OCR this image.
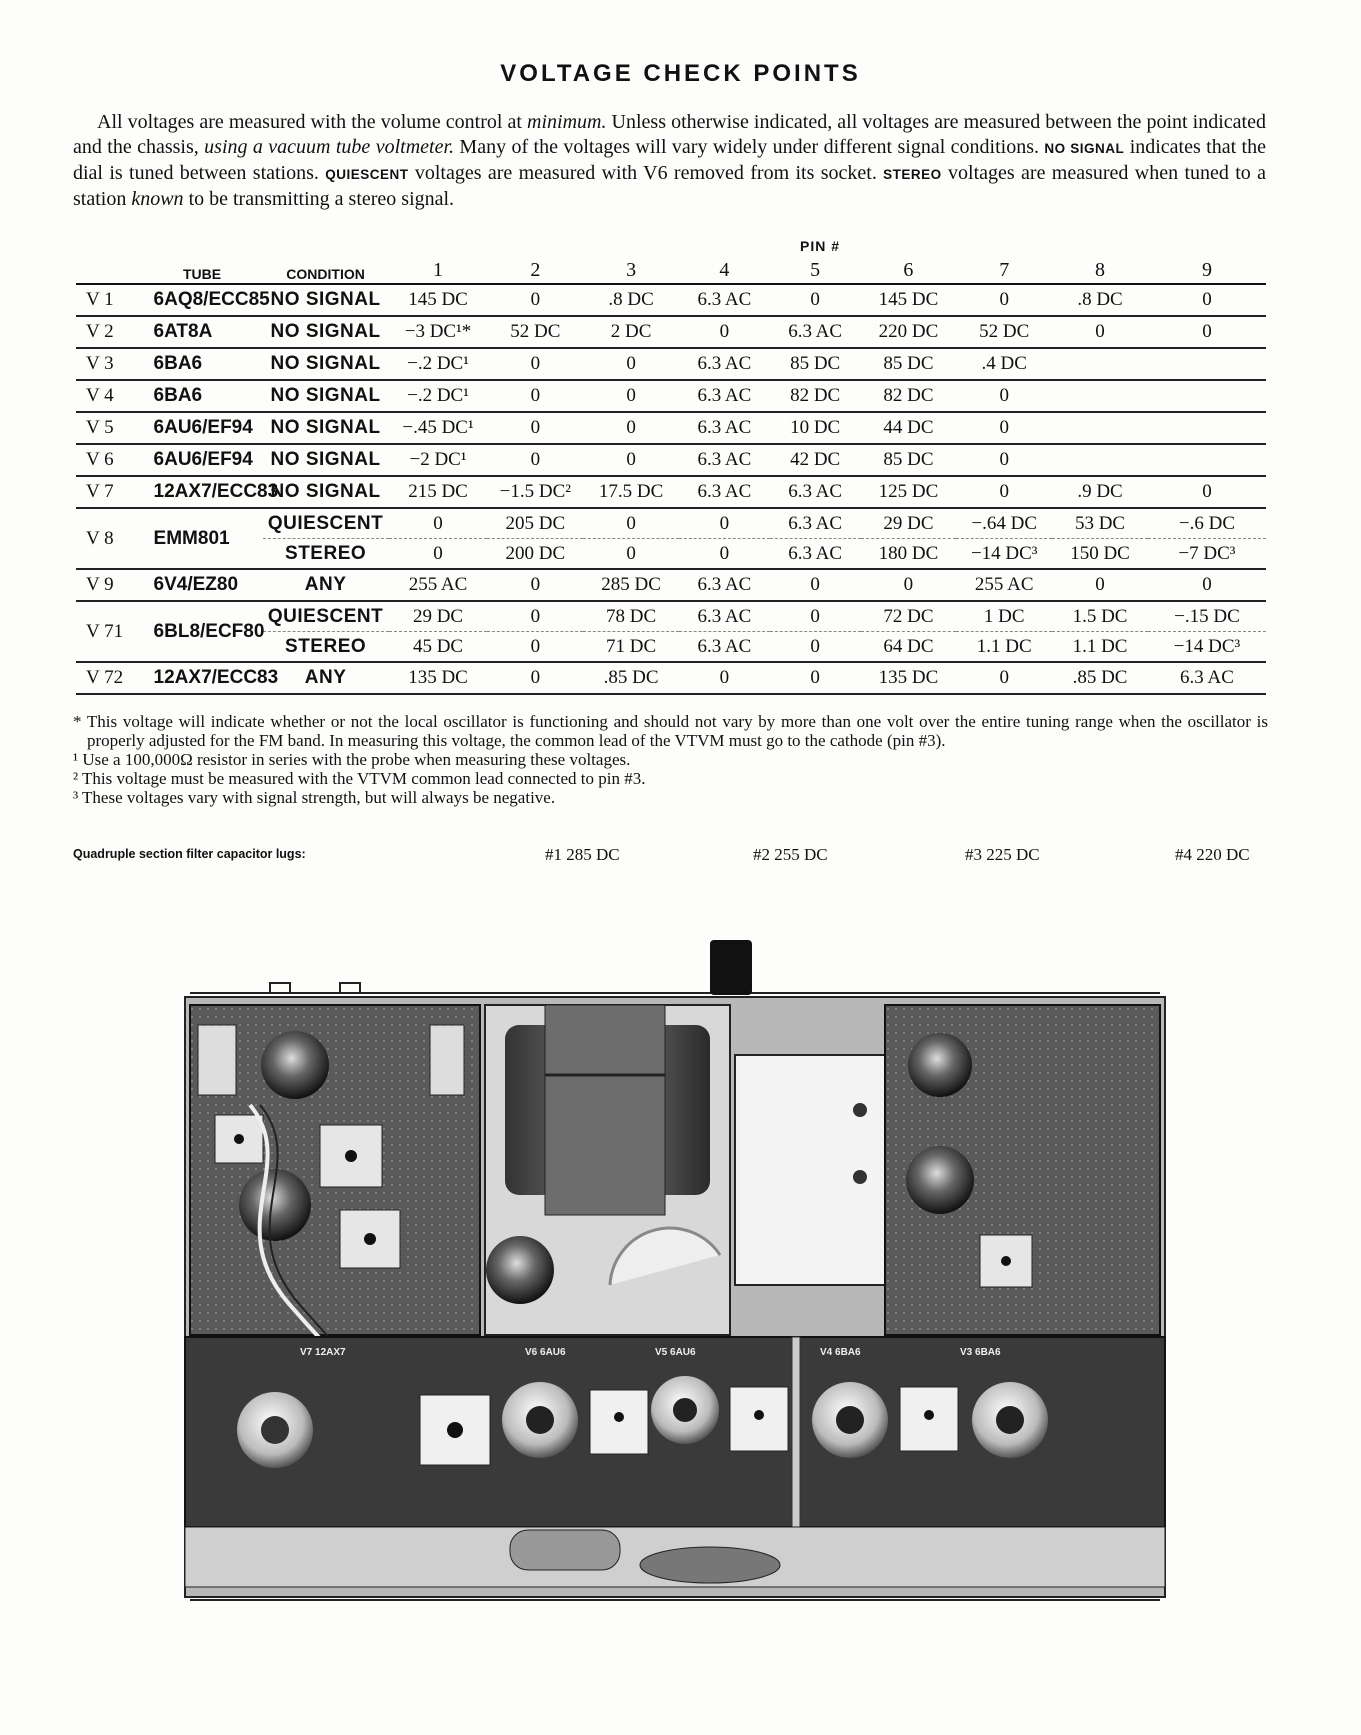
VOLTAGE CHECK POINTS

All voltages are measured with the volume control at minimum. Unless otherwise indicated, all voltages are measured between the point indicated and the chassis, using a vacuum tube voltmeter. Many of the voltages will vary widely under different signal conditions. NO SIGNAL indicates that the dial is tuned between stations. QUIESCENT voltages are measured with V6 removed from its socket. STEREO voltages are measured when tuned to a station known to be transmitting a stereo signal.

PIN #
	TUBE	CONDITION	1	2	3	4	5	6	7	8	9
V 1	6AQ8/ECC85	NO SIGNAL	145 DC	0	.8 DC	6.3 AC	0	145 DC	0	.8 DC	0
V 2	6AT8A	NO SIGNAL	−3 DC¹*	52 DC	2 DC	0	6.3 AC	220 DC	52 DC	0	0
V 3	6BA6	NO SIGNAL	−.2 DC¹	0	0	6.3 AC	85 DC	85 DC	.4 DC		
V 4	6BA6	NO SIGNAL	−.2 DC¹	0	0	6.3 AC	82 DC	82 DC	0		
V 5	6AU6/EF94	NO SIGNAL	−.45 DC¹	0	0	6.3 AC	10 DC	44 DC	0		
V 6	6AU6/EF94	NO SIGNAL	−2 DC¹	0	0	6.3 AC	42 DC	85 DC	0		
V 7	12AX7/ECC83	NO SIGNAL	215 DC	−1.5 DC²	17.5 DC	6.3 AC	6.3 AC	125 DC	0	.9 DC	0
V 8	EMM801	QUIESCENT	0	205 DC	0	0	6.3 AC	29 DC	−.64 DC	53 DC	−.6 DC
		STEREO	0	200 DC	0	0	6.3 AC	180 DC	−14 DC³	150 DC	−7 DC³
V 9	6V4/EZ80	ANY	255 AC	0	285 DC	6.3 AC	0	0	255 AC	0	0
V 71	6BL8/ECF80	QUIESCENT	29 DC	0	78 DC	6.3 AC	0	72 DC	1 DC	1.5 DC	−.15 DC
		STEREO	45 DC	0	71 DC	6.3 AC	0	64 DC	1.1 DC	1.1 DC	−14 DC³
V 72	12AX7/ECC83	ANY	135 DC	0	.85 DC	0	0	135 DC	0	.85 DC	6.3 AC

* This voltage will indicate whether or not the local oscillator is functioning and should not vary by more than one volt over the entire tuning range when the oscillator is properly adjusted for the FM band. In measuring this voltage, the common lead of the VTVM must go to the cathode (pin #3).

¹ Use a 100,000Ω resistor in series with the probe when measuring these voltages.

² This voltage must be measured with the VTVM common lead connected to pin #3.

³ These voltages vary with signal strength, but will always be negative.

Quadruple section filter capacitor lugs:	#1 285 DC	#2 255 DC	#3 225 DC	#4 220 DC
V7 12AX7	V6 6AU6	V5 6AU6	V4 6BA6	V3 6BA6
